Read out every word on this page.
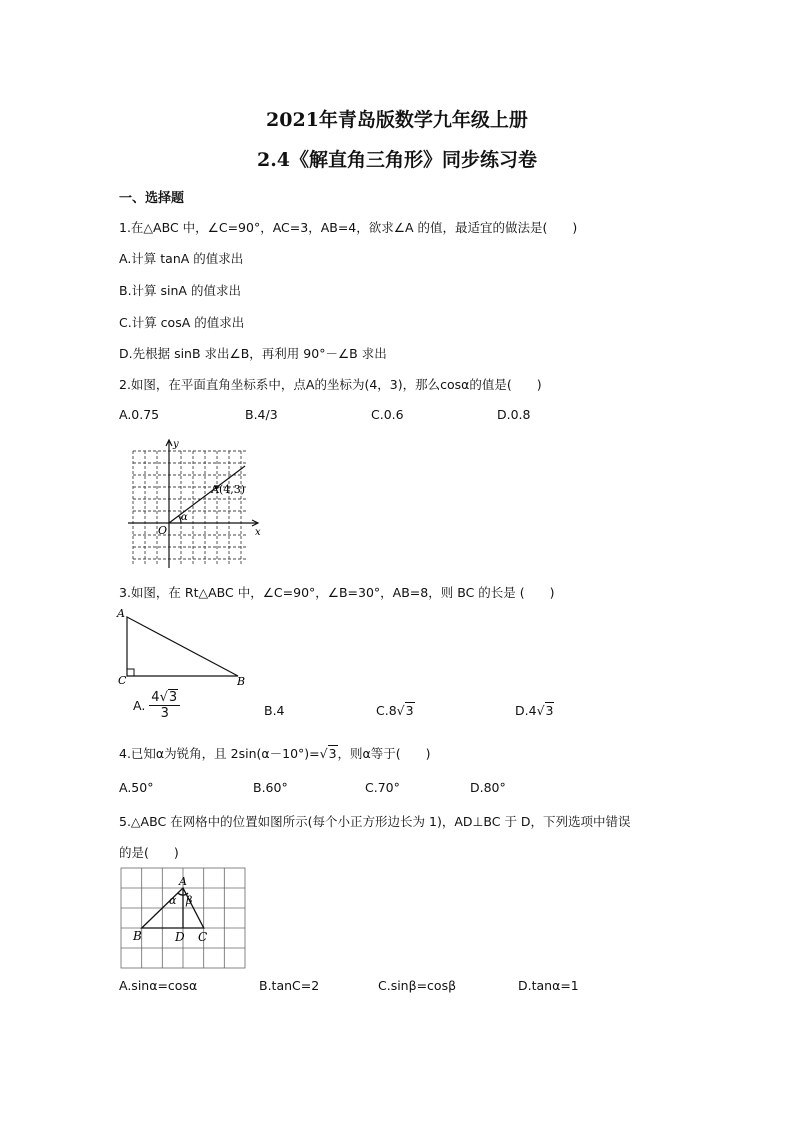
2021年青岛版数学九年级上册
2.4《解直角三角形》同步练习卷
一、选择题
1.在△ABC 中，∠C=90°，AC=3，AB=4，欲求∠A 的值，最适宜的做法是(　　)
A.计算 tanA 的值求出
B.计算 sinA 的值求出
C.计算 cosA 的值求出
D.先根据 sinB 求出∠B，再利用 90°－∠B 求出
2.如图，在平面直角坐标系中，点A的坐标为(4，3)，那么cosα的值是(　　)
A.0.75	B.4/3	C.0.6	D.0.8
y
x
O
α
A(4,3)
3.如图，在 Rt△ABC 中，∠C=90°，∠B=30°，AB=8，则 BC 的长是 (　　)
A
C	B
A. $\frac{4√3}{3}$	B.4	C.8√3	D.4√3
4.已知α为锐角，且 2sin(α－10°)=√3，则α等于(　　)
A.50°	B.60°	C.70°	D.80°
5.△ABC 在网格中的位置如图所示(每个小正方形边长为 1)，AD⊥BC 于 D，下列选项中错误
的是(　　)
A
B	D C
α β
A.sinα=cosα	B.tanC=2	C.sinβ=cosβ	D.tanα=1
